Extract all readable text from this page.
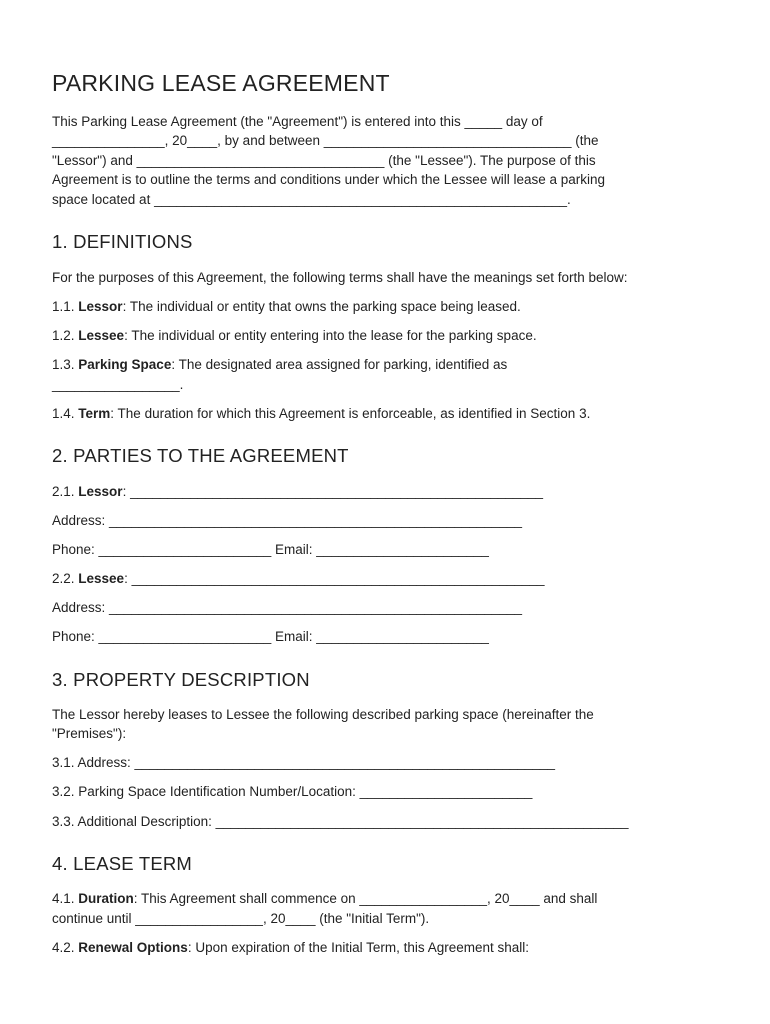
PARKING LEASE AGREEMENT

This Parking Lease Agreement (the "Agreement") is entered into this _____ day of

_______________, 20____, by and between _________________________________ (the

"Lessor") and _________________________________ (the "Lessee"). The purpose of this

Agreement is to outline the terms and conditions under which the Lessee will lease a parking

space located at _______________________________________________________.

1. DEFINITIONS

For the purposes of this Agreement, the following terms shall have the meanings set forth below:

1.1. Lessor: The individual or entity that owns the parking space being leased.

1.2. Lessee: The individual or entity entering into the lease for the parking space.

1.3. Parking Space: The designated area assigned for parking, identified as

_________________.

1.4. Term: The duration for which this Agreement is enforceable, as identified in Section 3.

2. PARTIES TO THE AGREEMENT

2.1. Lessor: _______________________________________________________

Address: _______________________________________________________

Phone: _______________________ Email: _______________________

2.2. Lessee: _______________________________________________________

Address: _______________________________________________________

Phone: _______________________ Email: _______________________

3. PROPERTY DESCRIPTION

The Lessor hereby leases to Lessee the following described parking space (hereinafter the

"Premises"):

3.1. Address: ________________________________________________________

3.2. Parking Space Identification Number/Location: _______________________

3.3. Additional Description: _______________________________________________________

4. LEASE TERM

4.1. Duration: This Agreement shall commence on _________________, 20____ and shall

continue until _________________, 20____ (the "Initial Term").

4.2. Renewal Options: Upon expiration of the Initial Term, this Agreement shall:
